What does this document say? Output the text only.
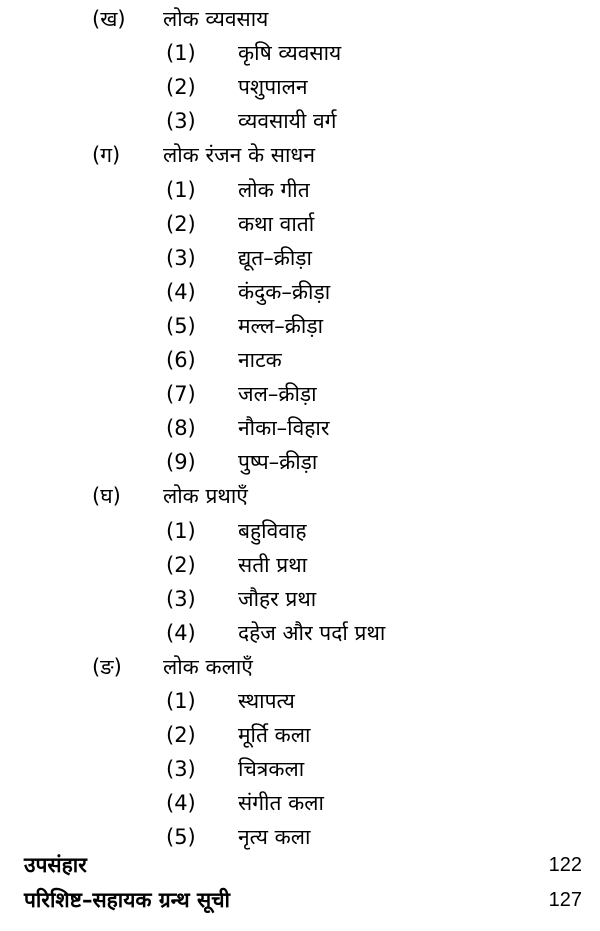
(ख) लोक व्यवसाय
(1) कृषि व्यवसाय
(2) पशुपालन
(3) व्यवसायी वर्ग
(ग) लोक रंजन के साधन
(1) लोक गीत
(2) कथा वार्ता
(3) द्यूत–क्रीड़ा
(4) कंदुक–क्रीड़ा
(5) मल्ल–क्रीड़ा
(6) नाटक
(7) जल–क्रीड़ा
(8) नौका–विहार
(9) पुष्प–क्रीड़ा
(घ) लोक प्रथाएँ
(1) बहुविवाह
(2) सती प्रथा
(3) जौहर प्रथा
(4) दहेज और पर्दा प्रथा
(ङ) लोक कलाएँ
(1) स्थापत्य
(2) मूर्ति कला
(3) चित्रकला
(4) संगीत कला
(5) नृत्य कला
उपसंहार	122
परिशिष्ट–सहायक ग्रन्थ सूची	127
